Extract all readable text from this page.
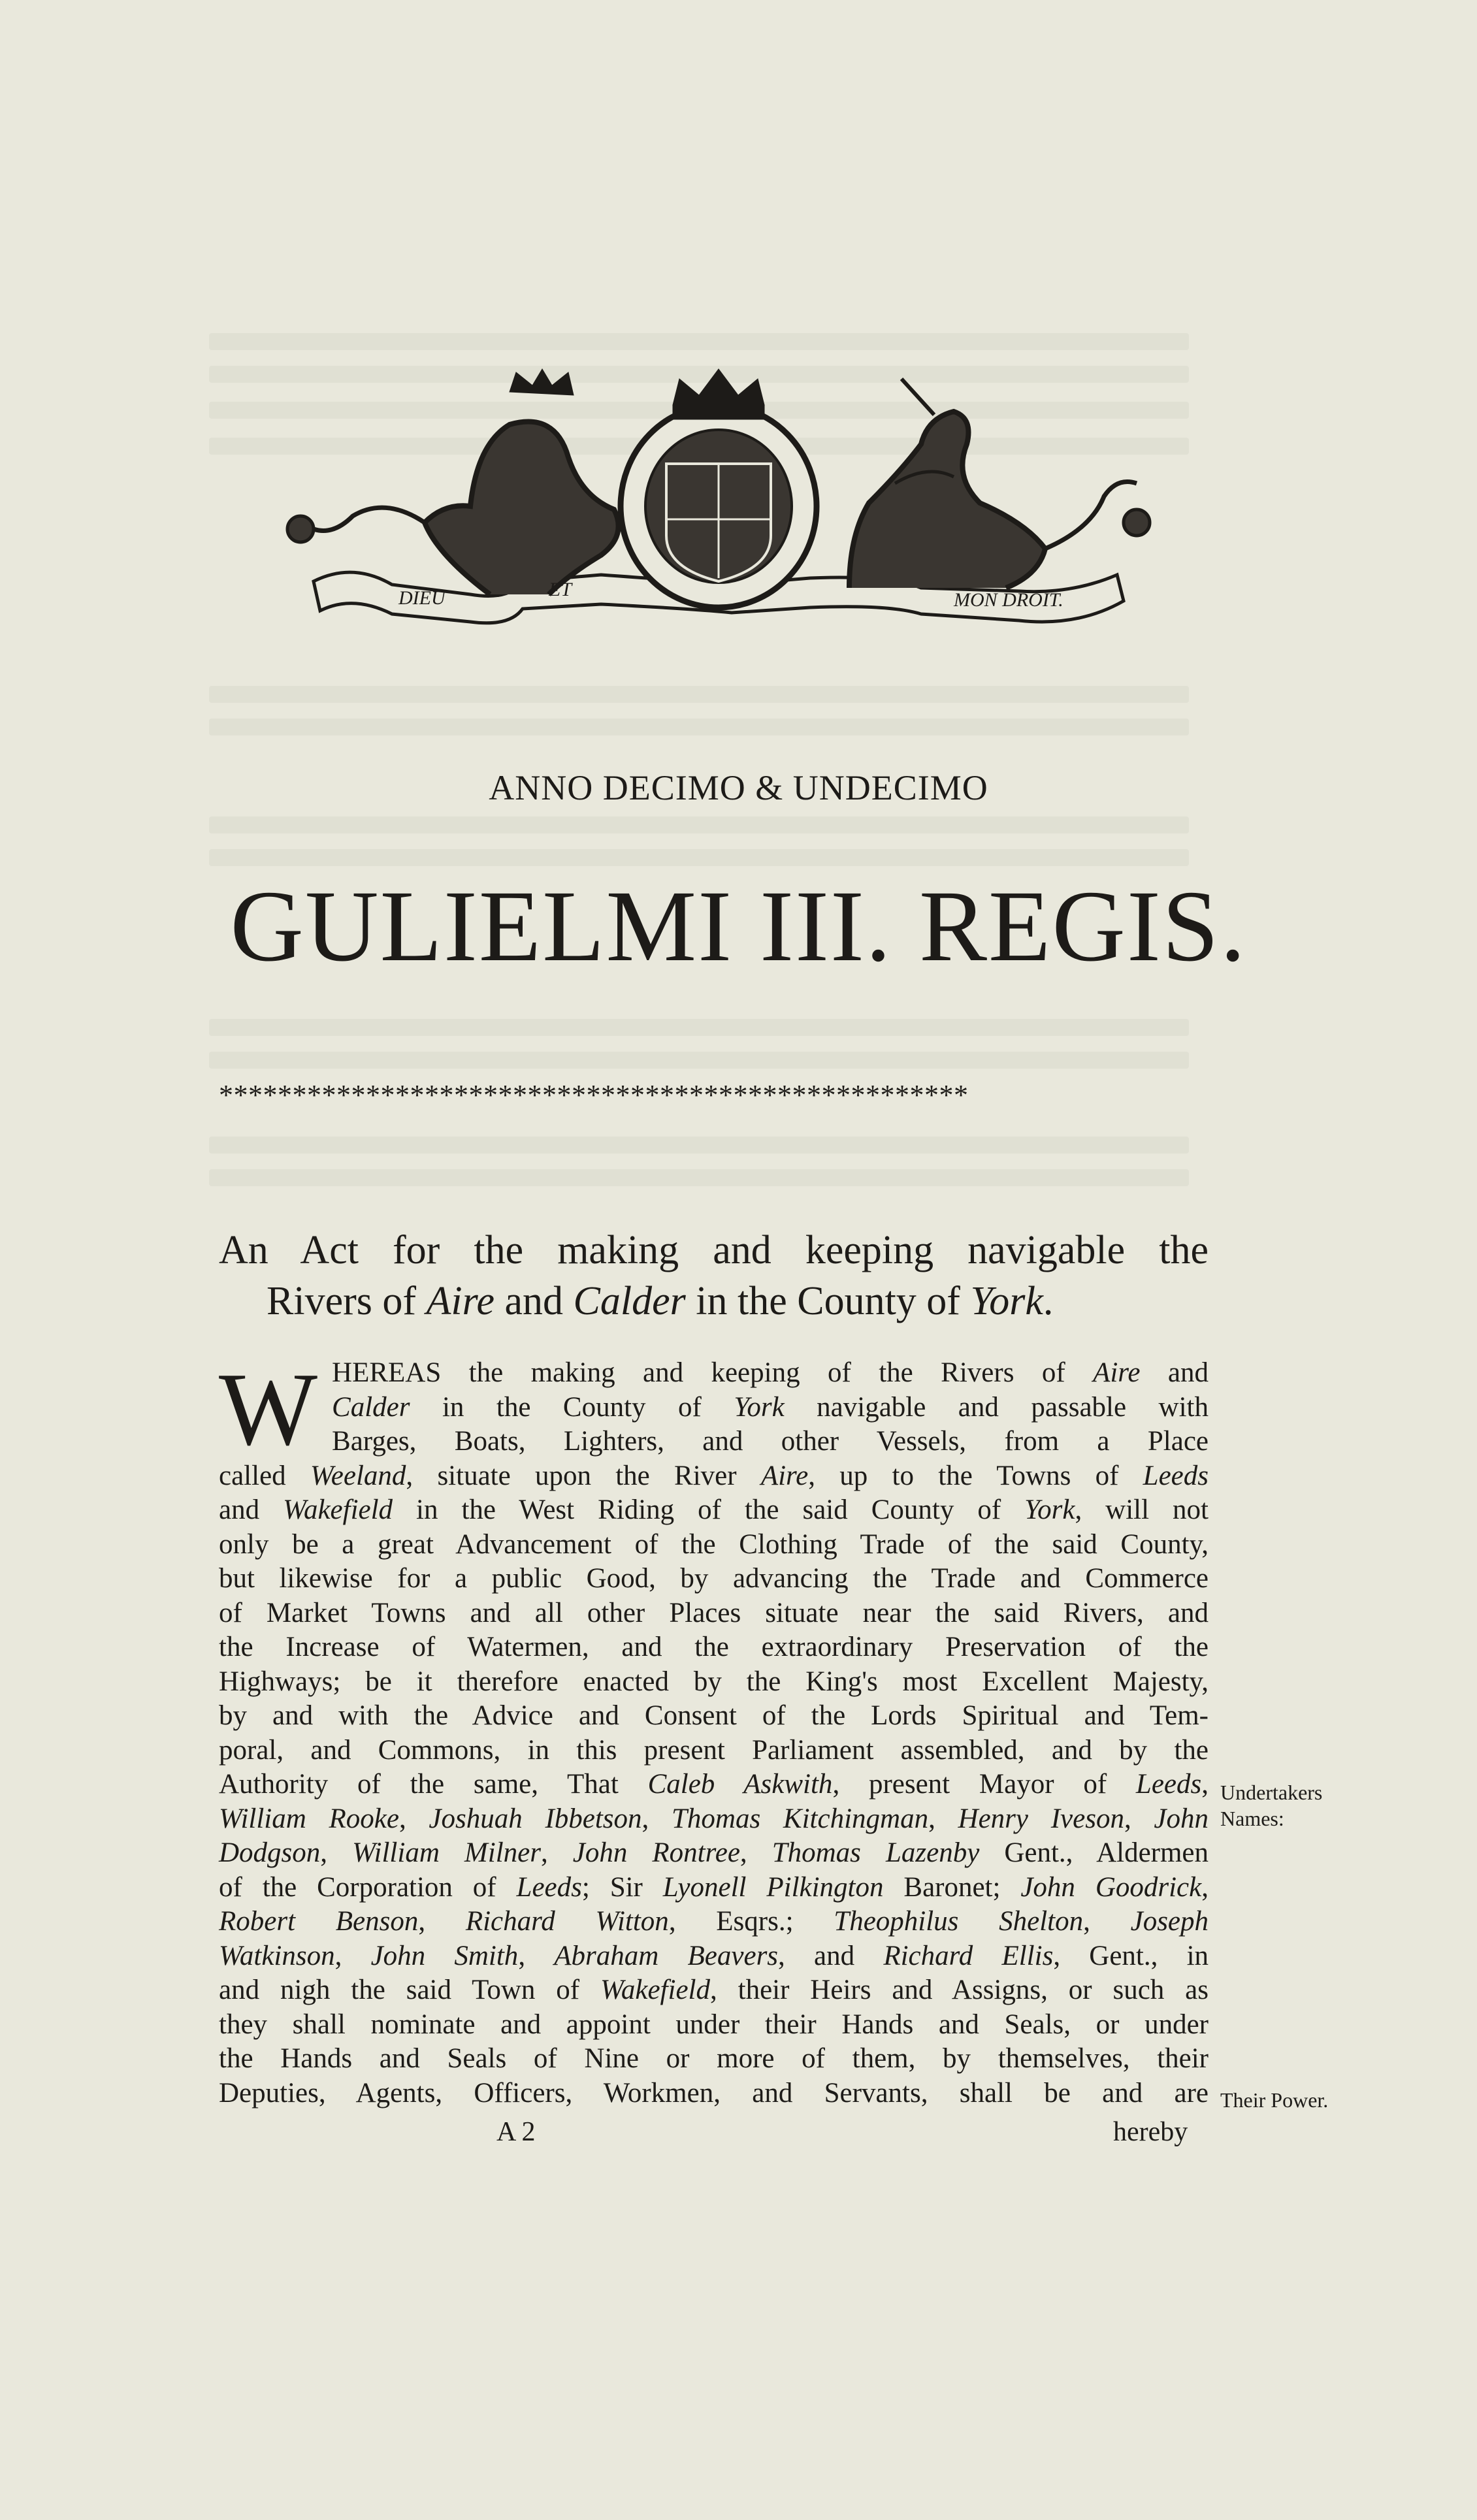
DIEU	ET	MON DROIT.
ANNO DECIMO & UNDECIMO
GULIELMI III. REGIS.
***************************************************
An Act for the making and keeping navigable the
Rivers of Aire and Calder in the County of York.
W HEREAS the making and keeping of the Rivers of Aire and
Calder in the County of York navigable and passable with
Barges, Boats, Lighters, and other Vessels, from a Place
called Weeland, situate upon the River Aire, up to the Towns of Leeds
and Wakefield in the West Riding of the said County of York, will not
only be a great Advancement of the Clothing Trade of the said County,
but likewise for a public Good, by advancing the Trade and Commerce
of Market Towns and all other Places situate near the said Rivers, and
the Increase of Watermen, and the extraordinary Preservation of the
Highways; be it therefore enacted by the King's most Excellent Majesty,
by and with the Advice and Consent of the Lords Spiritual and Tem-
poral, and Commons, in this present Parliament assembled, and by the
Authority of the same, That Caleb Askwith, present Mayor of Leeds,
William Rooke, Joshuah Ibbetson, Thomas Kitchingman, Henry Iveson, John
Dodgson, William Milner, John Rontree, Thomas Lazenby Gent., Aldermen
of the Corporation of Leeds; Sir Lyonell Pilkington Baronet; John Goodrick,
Robert Benson, Richard Witton, Esqrs.; Theophilus Shelton, Joseph
Watkinson, John Smith, Abraham Beavers, and Richard Ellis, Gent., in
and nigh the said Town of Wakefield, their Heirs and Assigns, or such as
they shall nominate and appoint under their Hands and Seals, or under
the Hands and Seals of Nine or more of them, by themselves, their
Deputies, Agents, Officers, Workmen, and Servants, shall be and are
Undertakers
Names:
Their Power.
A 2	hereby
